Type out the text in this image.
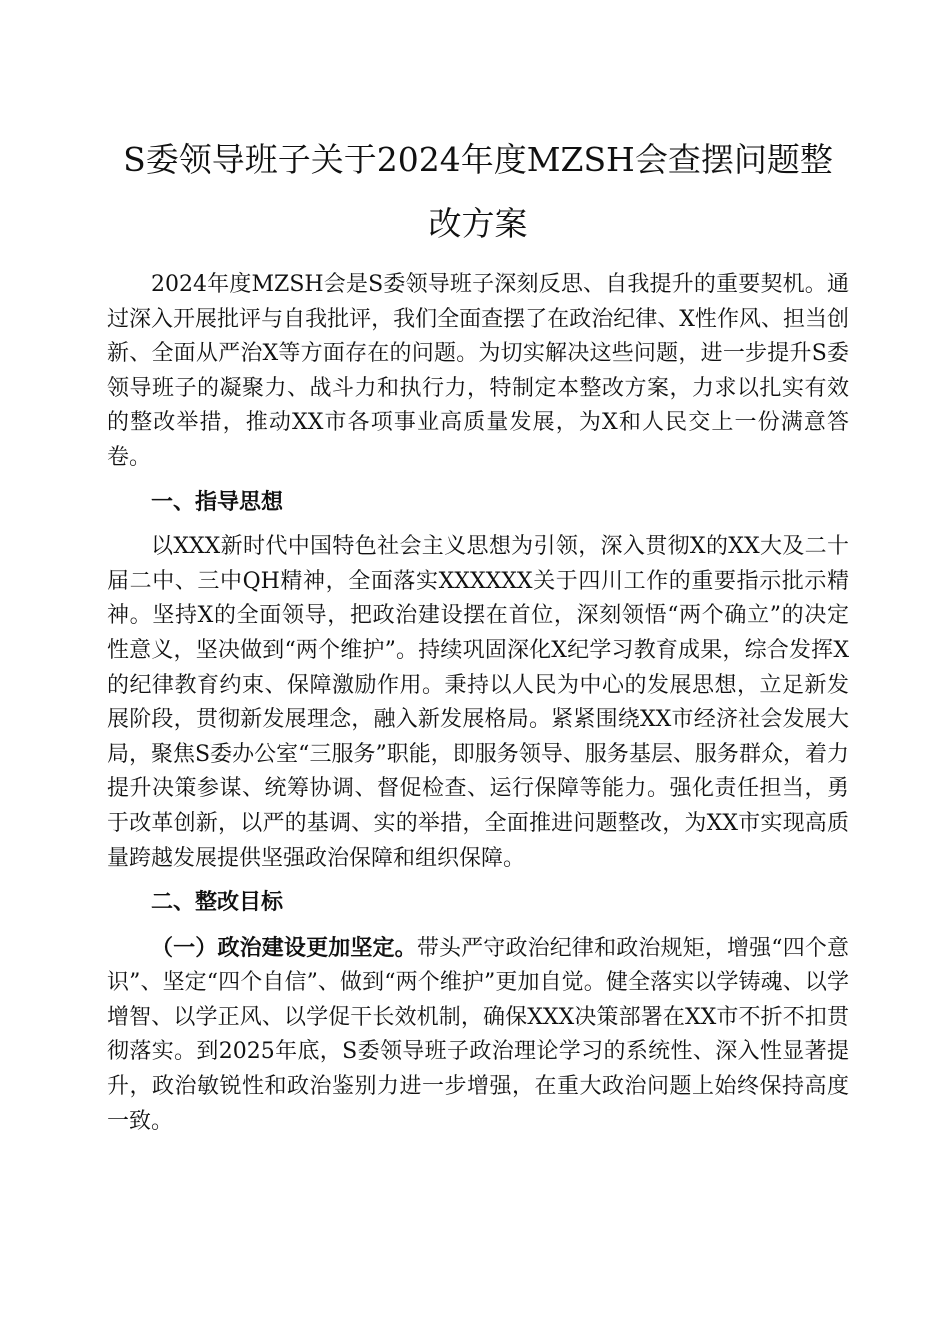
S委领导班子关于2024年度MZSH会查摆问题整
改方案

2024年度MZSH会是S委领导班子深刻反思、自我提升的重要契机。通过深入开展批评与自我批评，我们全面查摆了在政治纪律、X性作风、担当创新、全面从严治X等方面存在的问题。为切实解决这些问题，进一步提升S委领导班子的凝聚力、战斗力和执行力，特制定本整改方案，力求以扎实有效的整改举措，推动XX市各项事业高质量发展，为X和人民交上一份满意答卷。

一、指导思想

以XXX新时代中国特色社会主义思想为引领，深入贯彻X的XX大及二十届二中、三中QH精神，全面落实XXXXXX关于四川工作的重要指示批示精神。坚持X的全面领导，把政治建设摆在首位，深刻领悟“两个确立”的决定性意义，坚决做到“两个维护”。持续巩固深化X纪学习教育成果，综合发挥X的纪律教育约束、保障激励作用。秉持以人民为中心的发展思想，立足新发展阶段，贯彻新发展理念，融入新发展格局。紧紧围绕XX市经济社会发展大局，聚焦S委办公室“三服务”职能，即服务领导、服务基层、服务群众，着力提升决策参谋、统筹协调、督促检查、运行保障等能力。强化责任担当，勇于改革创新，以严的基调、实的举措，全面推进问题整改，为XX市实现高质量跨越发展提供坚强政治保障和组织保障。

二、整改目标

（一）政治建设更加坚定。带头严守政治纪律和政治规矩，增强“四个意识”、坚定“四个自信”、做到“两个维护”更加自觉。健全落实以学铸魂、以学增智、以学正风、以学促干长效机制，确保XXX决策部署在XX市不折不扣贯彻落实。到2025年底，S委领导班子政治理论学习的系统性、深入性显著提升，政治敏锐性和政治鉴别力进一步增强，在重大政治问题上始终保持高度一致。
